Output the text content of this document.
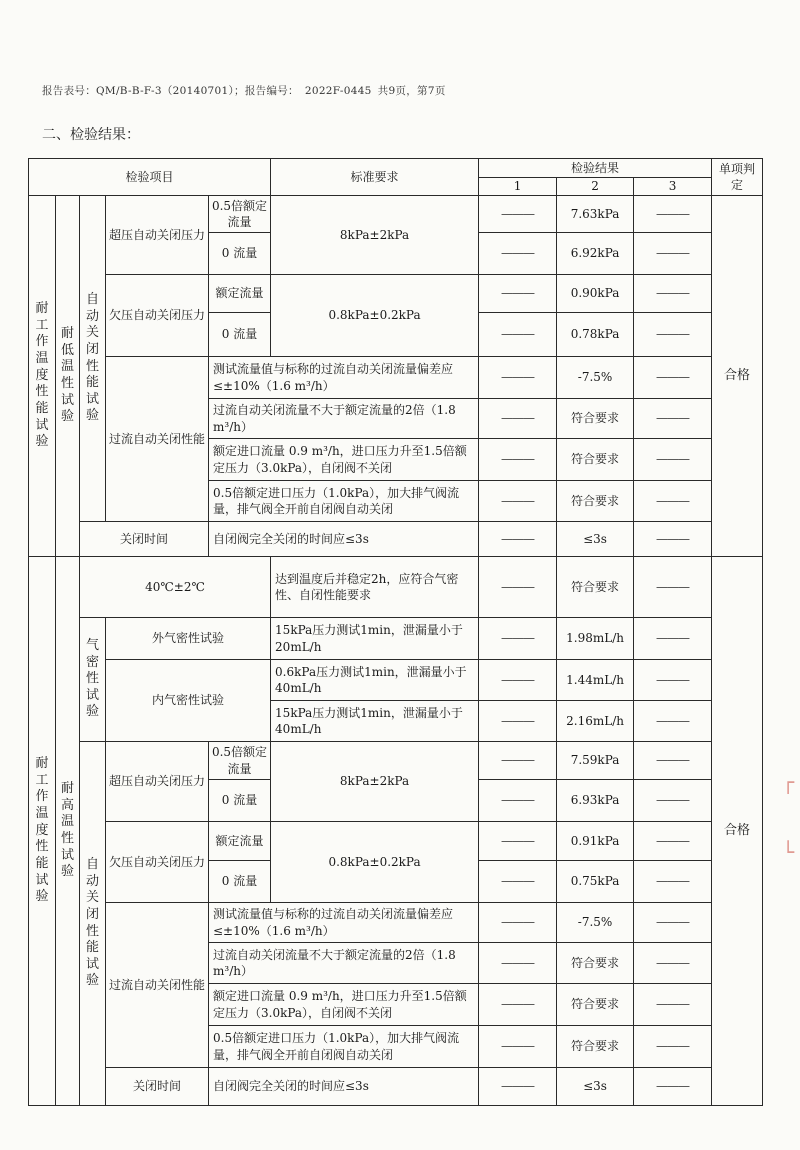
报告表号：QM/B-B-F-3（20140701）；报告编号： 2022F-0445 共9页，第7页
二、检验结果：
┌
└
检验项目					标准要求	检验结果			单项判定
						1	2	3	

耐工作温度性能试验	耐低温性试验	自动关闭性能试验	超压自动关闭压力	0.5倍额定流量	8kPa±2kPa	———	7.63kPa	———	合格
				0 流量		———	6.92kPa	———	
			欠压自动关闭压力	额定流量	0.8kPa±0.2kPa	———	0.90kPa	———	
				0 流量		———	0.78kPa	———	
			过流自动关闭性能	测试流量值与标称的过流自动关闭流量偏差应≤±10%（1.6 m³/h）		———	-7.5%	———	
				过流自动关闭流量不大于额定流量的2倍（1.8 m³/h）		———	符合要求	———	
				额定进口流量 0.9 m³/h，进口压力升至1.5倍额定压力（3.0kPa），自闭阀不关闭		———	符合要求	———	
				0.5倍额定进口压力（1.0kPa），加大排气阀流量，排气阀全开前自闭阀自动关闭		———	符合要求	———	
		关闭时间		自闭阀完全关闭的时间应≤3s		———	≤3s	———	

耐工作温度性能试验	耐高温性试验	40℃±2℃			达到温度后并稳定2h，应符合气密性、自闭性能要求	———	符合要求	———	合格

		气密性试验	外气密性试验		15kPa压力测试1min，泄漏量小于20mL/h	———	1.98mL/h	———	
			内气密性试验		0.6kPa压力测试1min，泄漏量小于40mL/h	———	1.44mL/h	———	
					15kPa压力测试1min，泄漏量小于40mL/h	———	2.16mL/h	———	

		自动关闭性能试验	超压自动关闭压力	0.5倍额定流量	8kPa±2kPa	———	7.59kPa	———	
				0 流量		———	6.93kPa	———	
			欠压自动关闭压力	额定流量	0.8kPa±0.2kPa	———	0.91kPa	———	
				0 流量		———	0.75kPa	———	
			过流自动关闭性能	测试流量值与标称的过流自动关闭流量偏差应≤±10%（1.6 m³/h）		———	-7.5%	———	
				过流自动关闭流量不大于额定流量的2倍（1.8 m³/h）		———	符合要求	———	
				额定进口流量 0.9 m³/h，进口压力升至1.5倍额定压力（3.0kPa），自闭阀不关闭		———	符合要求	———	
				0.5倍额定进口压力（1.0kPa），加大排气阀流量，排气阀全开前自闭阀自动关闭		———	符合要求	———	
			关闭时间	自闭阀完全关闭的时间应≤3s		———	≤3s	———	
